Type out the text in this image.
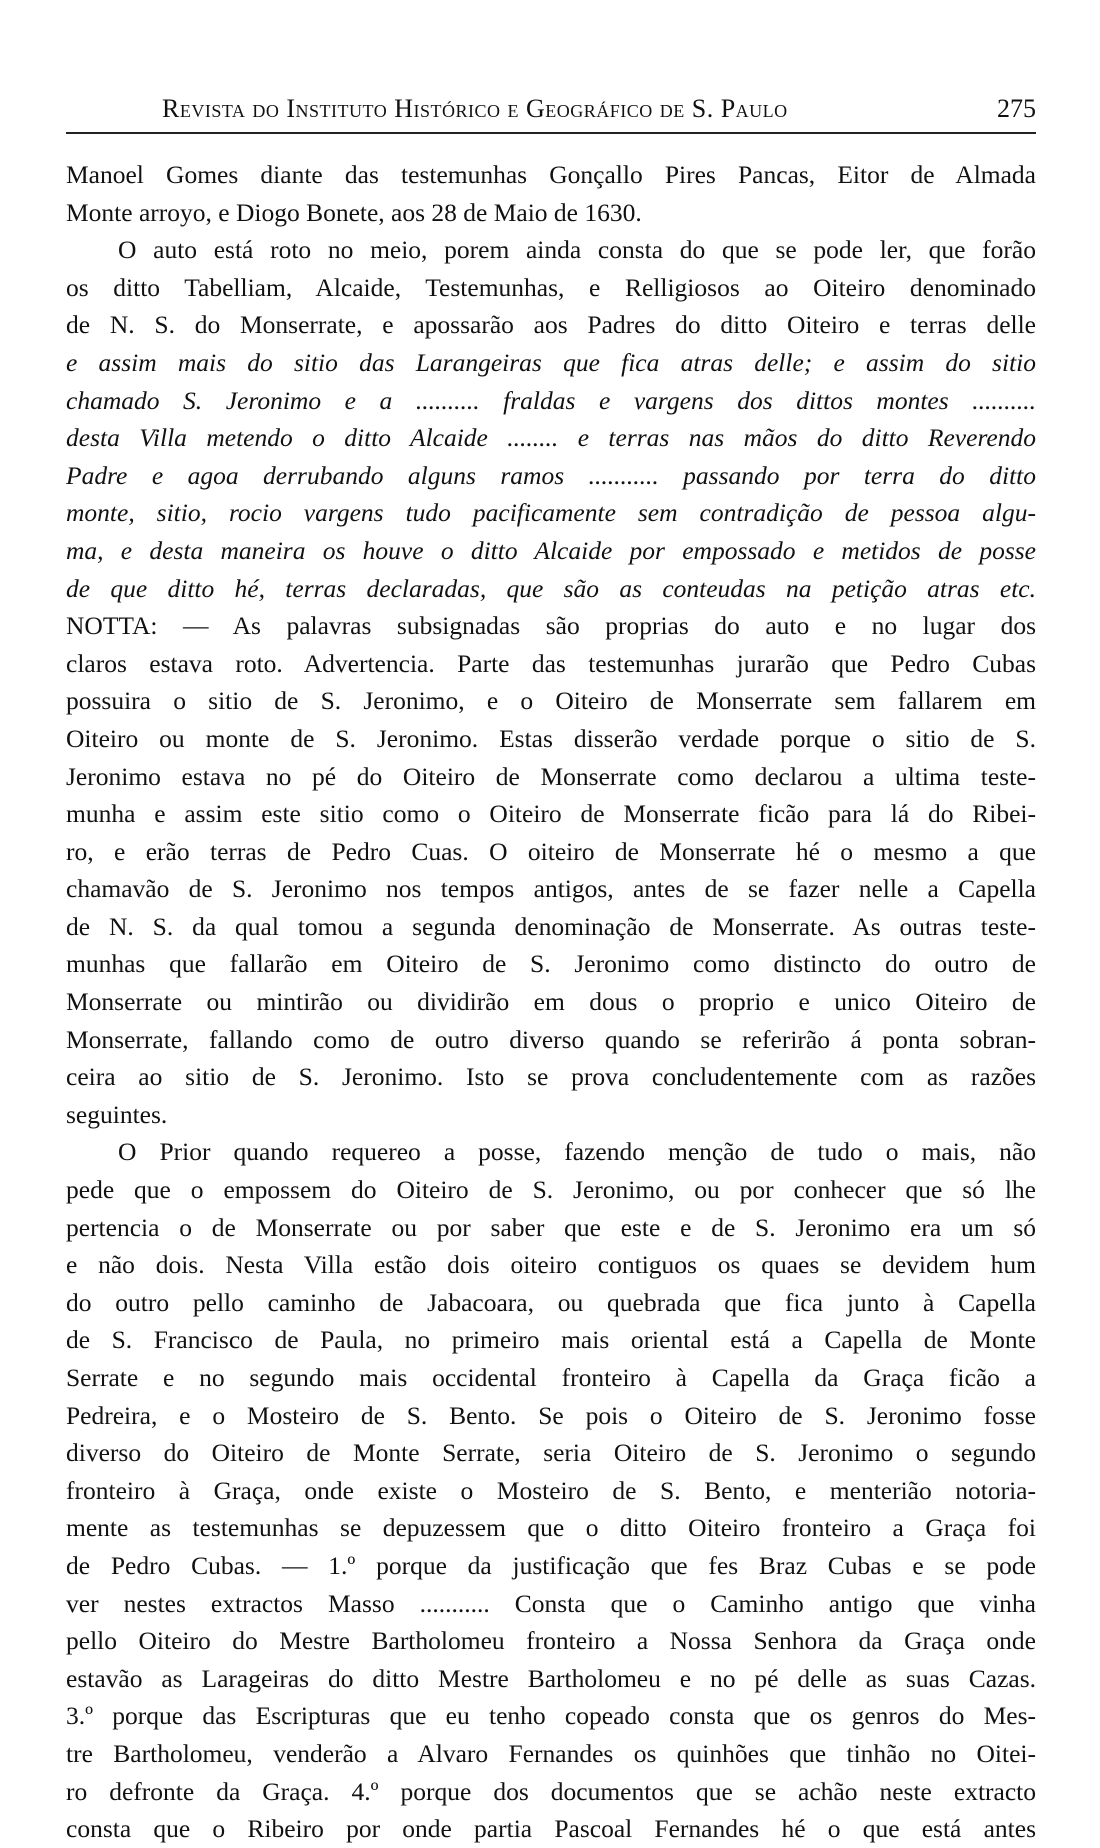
Revista do Instituto Histórico e Geográfico de S. Paulo	275
Manoel Gomes diante das testemunhas Gonçallo Pires Pancas, Eitor de Almada
Monte arroyo, e Diogo Bonete, aos 28 de Maio de 1630.
O auto está roto no meio, porem ainda consta do que se pode ler, que forão
os ditto Tabelliam, Alcaide, Testemunhas, e Relligiosos ao Oiteiro denominado
de N. S. do Monserrate, e apossarão aos Padres do ditto Oiteiro e terras delle
e assim mais do sitio das Larangeiras que fica atras delle; e assim do sitio
chamado S. Jeronimo e a .......... fraldas e vargens dos dittos montes ..........
desta Villa metendo o ditto Alcaide ........ e terras nas mãos do ditto Reverendo
Padre e agoa derrubando alguns ramos ........... passando por terra do ditto
monte, sitio, rocio vargens tudo pacificamente sem contradição de pessoa algu-
ma, e desta maneira os houve o ditto Alcaide por empossado e metidos de posse
de que ditto hé, terras declaradas, que são as conteudas na petição atras etc.
NOTTA: — As palavras subsignadas são proprias do auto e no lugar dos
claros estava roto. Advertencia. Parte das testemunhas jurarão que Pedro Cubas
possuira o sitio de S. Jeronimo, e o Oiteiro de Monserrate sem fallarem em
Oiteiro ou monte de S. Jeronimo. Estas disserão verdade porque o sitio de S.
Jeronimo estava no pé do Oiteiro de Monserrate como declarou a ultima teste-
munha e assim este sitio como o Oiteiro de Monserrate ficão para lá do Ribei-
ro, e erão terras de Pedro Cuas. O oiteiro de Monserrate hé o mesmo a que
chamavão de S. Jeronimo nos tempos antigos, antes de se fazer nelle a Capella
de N. S. da qual tomou a segunda denominação de Monserrate. As outras teste-
munhas que fallarão em Oiteiro de S. Jeronimo como distincto do outro de
Monserrate ou mintirão ou dividirão em dous o proprio e unico Oiteiro de
Monserrate, fallando como de outro diverso quando se referirão á ponta sobran-
ceira ao sitio de S. Jeronimo. Isto se prova concludentemente com as razões
seguintes.
O Prior quando requereo a posse, fazendo menção de tudo o mais, não
pede que o empossem do Oiteiro de S. Jeronimo, ou por conhecer que só lhe
pertencia o de Monserrate ou por saber que este e de S. Jeronimo era um só
e não dois. Nesta Villa estão dois oiteiro contiguos os quaes se devidem hum
do outro pello caminho de Jabacoara, ou quebrada que fica junto à Capella
de S. Francisco de Paula, no primeiro mais oriental está a Capella de Monte
Serrate e no segundo mais occidental fronteiro à Capella da Graça ficão a
Pedreira, e o Mosteiro de S. Bento. Se pois o Oiteiro de S. Jeronimo fosse
diverso do Oiteiro de Monte Serrate, seria Oiteiro de S. Jeronimo o segundo
fronteiro à Graça, onde existe o Mosteiro de S. Bento, e menterião notoria-
mente as testemunhas se depuzessem que o ditto Oiteiro fronteiro a Graça foi
de Pedro Cubas. — 1.º porque da justificação que fes Braz Cubas e se pode
ver nestes extractos Masso ........... Consta que o Caminho antigo que vinha
pello Oiteiro do Mestre Bartholomeu fronteiro a Nossa Senhora da Graça onde
estavão as Larageiras do ditto Mestre Bartholomeu e no pé delle as suas Cazas.
3.º porque das Escripturas que eu tenho copeado consta que os genros do Mes-
tre Bartholomeu, venderão a Alvaro Fernandes os quinhões que tinhão no Oitei-
ro defronte da Graça. 4.º porque dos documentos que se achão neste extracto
consta que o Ribeiro por onde partia Pascoal Fernandes hé o que está antes
